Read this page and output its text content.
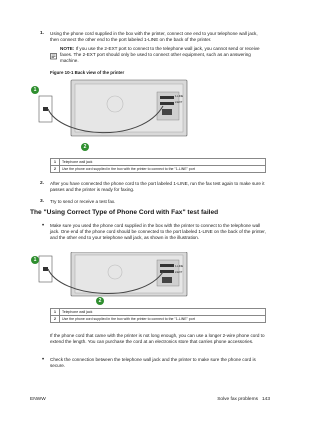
1. Using the phone cord supplied in the box with the printer, connect one end to your telephone wall jack, then connect the other end to the port labeled 1-LINE on the back of the printer.
NOTE: If you use the 2-EXT port to connect to the telephone wall jack, you cannot send or receive faxes. The 2-EXT port should only be used to connect other equipment, such as an answering machine.
Figure 10-1 Back view of the printer
1
2
1-LINE
2-EXT
1	Telephone wall jack
2	Use the phone cord supplied in the box with the printer to connect to the "1-LINE" port
2. After you have connected the phone cord to the port labeled 1-LINE, run the fax test again to make sure it passes and the printer is ready for faxing.
3. Try to send or receive a test fax.
The "Using Correct Type of Phone Cord with Fax" test failed
• Make sure you used the phone cord supplied in the box with the printer to connect to the telephone wall jack. One end of the phone cord should be connected to the port labeled 1-LINE on the back of the printer, and the other end to your telephone wall jack, as shown in the illustration.
1
2
1-LINE
2-EXT
1	Telephone wall jack
2	Use the phone cord supplied in the box with the printer to connect to the "1-LINE" port
If the phone cord that came with the printer is not long enough, you can use a longer 2-wire phone cord to extend the length. You can purchase the cord at an electronics store that carries phone accessories.
• Check the connection between the telephone wall jack and the printer to make sure the phone cord is secure.
ENWW	Solve fax problems   143
